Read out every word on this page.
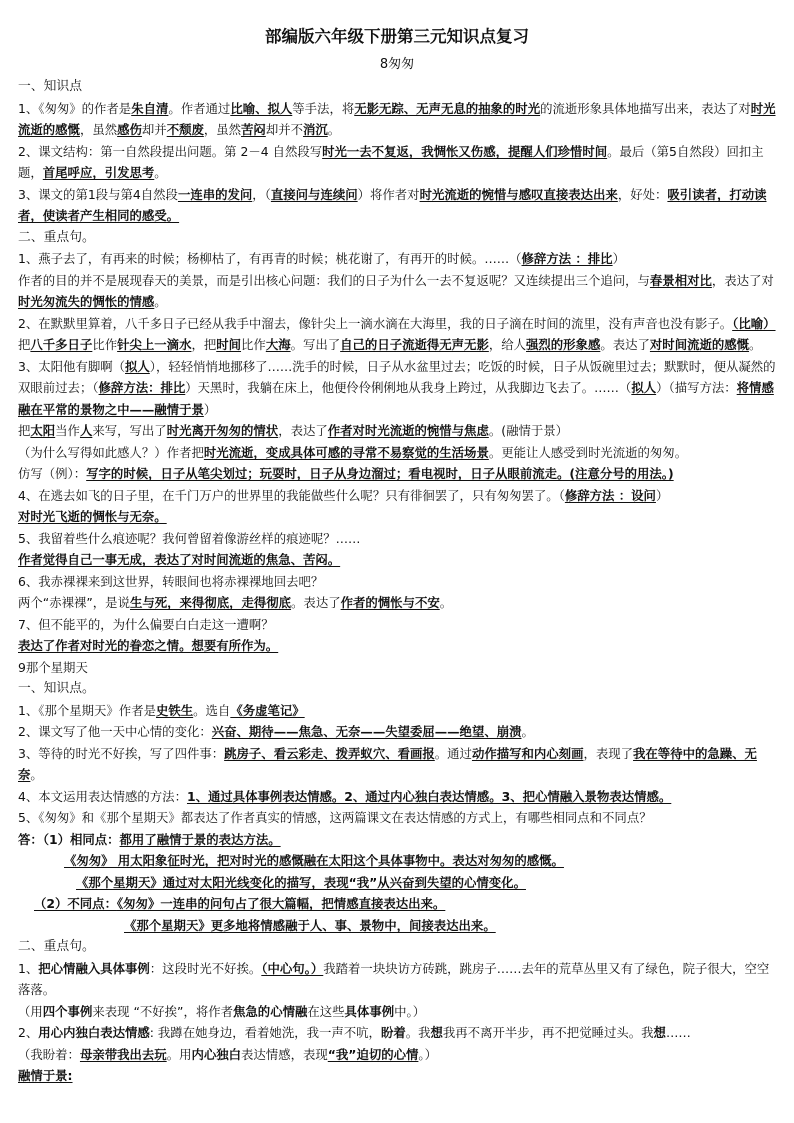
部编版六年级下册第三元知识点复习
8匆匆

一、知识点

1、《匆匆》的作者是朱自清。作者通过比喻、拟人等手法，将无影无踪、无声无息的抽象的时光的流逝形象具体地描写出来，表达了对时光流逝的感慨，虽然感伤却并不颓废，虽然苦闷却并不消沉。

2、课文结构：第一自然段提出问题。第 2－4 自然段写时光一去不复返，我惆怅又伤感，提醒人们珍惜时间。最后（第5自然段）回扣主题，首尾呼应，引发思考。

3、课文的第1段与第4自然段一连串的发问，（直接问与连续问）将作者对时光流逝的惋惜与感叹直接表达出来，好处：吸引读者，打动读者，使读者产生相同的感受。

二、重点句。

1、燕子去了，有再来的时候；杨柳枯了，有再青的时候；桃花谢了，有再开的时候。……（修辞方法 ：排比）

作者的目的并不是展现春天的美景，而是引出核心问题：我们的日子为什么一去不复返呢？又连续提出三个追问，与春景相对比，表达了对时光匆流失的惆怅的情感。

2、在默默里算着，八千多日子已经从我手中溜去，像针尖上一滴水滴在大海里，我的日子滴在时间的流里，没有声音也没有影子。（比喻）

把八千多日子比作针尖上一滴水，把时间比作大海。写出了自己的日子流逝得无声无影，给人强烈的形象感。表达了对时间流逝的感慨。

3、太阳他有脚啊（拟人），轻轻悄悄地挪移了……洗手的时候，日子从水盆里过去；吃饭的时候，日子从饭碗里过去；默默时，便从凝然的双眼前过去；（修辞方法：排比）天黑时，我躺在床上，他便伶伶俐俐地从我身上跨过，从我脚边飞去了。……（拟人）（描写方法：将情感融在平常的景物之中——融情于景）

把太阳当作人来写，写出了时光离开匆匆的情状，表达了作者对时光流逝的惋惜与焦虑。(融情于景）

（为什么写得如此感人？）作者把时光流逝，变成具体可感的寻常不易察觉的生活场景。更能让人感受到时光流逝的匆匆。

仿写（例）：写字的时候，日子从笔尖划过；玩耍时，日子从身边溜过；看电视时，日子从眼前流走。(注意分号的用法。)

4、在逃去如飞的日子里，在千门万户的世界里的我能做些什么呢？只有徘徊罢了，只有匆匆罢了。（修辞方法 ：设问）

对时光飞逝的惆怅与无奈。

5、我留着些什么痕迹呢？我何曾留着像游丝样的痕迹呢？……

作者觉得自己一事无成，表达了对时间流逝的焦急、苦闷。

6、我赤裸裸来到这世界，转眼间也将赤裸裸地回去吧？

两个“赤裸裸”，是说生与死，来得彻底，走得彻底。表达了作者的惆怅与不安。

7、但不能平的，为什么偏要白白走这一遭啊？

表达了作者对时光的眷恋之情。想要有所作为。

9那个星期天

一、知识点。

1、《那个星期天》作者是史铁生。选自《务虚笔记》

2、课文写了他一天中心情的变化：兴奋、期待——焦急、无奈——失望委屈——绝望、崩溃。

3、等待的时光不好挨，写了四件事：跳房子、看云彩走、拨弄蚁穴、看画报。通过动作描写和内心刻画，表现了我在等待中的急躁、无奈。

4、本文运用表达情感的方法：1、通过具体事例表达情感。2、通过内心独白表达情感。3、把心情融入景物表达情感。

5、《匆匆》和《那个星期天》都表达了作者真实的情感，这两篇课文在表达情感的方式上，有哪些相同点和不同点？

答：（1）相同点：都用了融情于景的表达方法。

《匆匆》 用太阳象征时光，把对时光的感慨融在太阳这个具体事物中。表达对匆匆的感慨。

《那个星期天》通过对太阳光线变化的描写，表现“我”从兴奋到失望的心情变化。

（2）不同点：《匆匆》一连串的问句占了很大篇幅，把情感直接表达出来。

《那个星期天》更多地将情感融于人、事、景物中，间接表达出来。

二、重点句。

1、把心情融入具体事例：这段时光不好挨。（中心句。）我踏着一块块访方砖跳，跳房子……去年的荒草丛里又有了绿色，院子很大，空空落落。

（用四个事例来表现 “不好挨”，将作者焦急的心情融在这些具体事例中。）

2、用心内独白表达情感: 我蹲在她身边，看着她洗，我一声不吭，盼着。我想我再不离开半步，再不把觉睡过头。我想……

（我盼着：母亲带我出去玩。用内心独白表达情感，表现“我”迫切的心情。）

融情于景:
